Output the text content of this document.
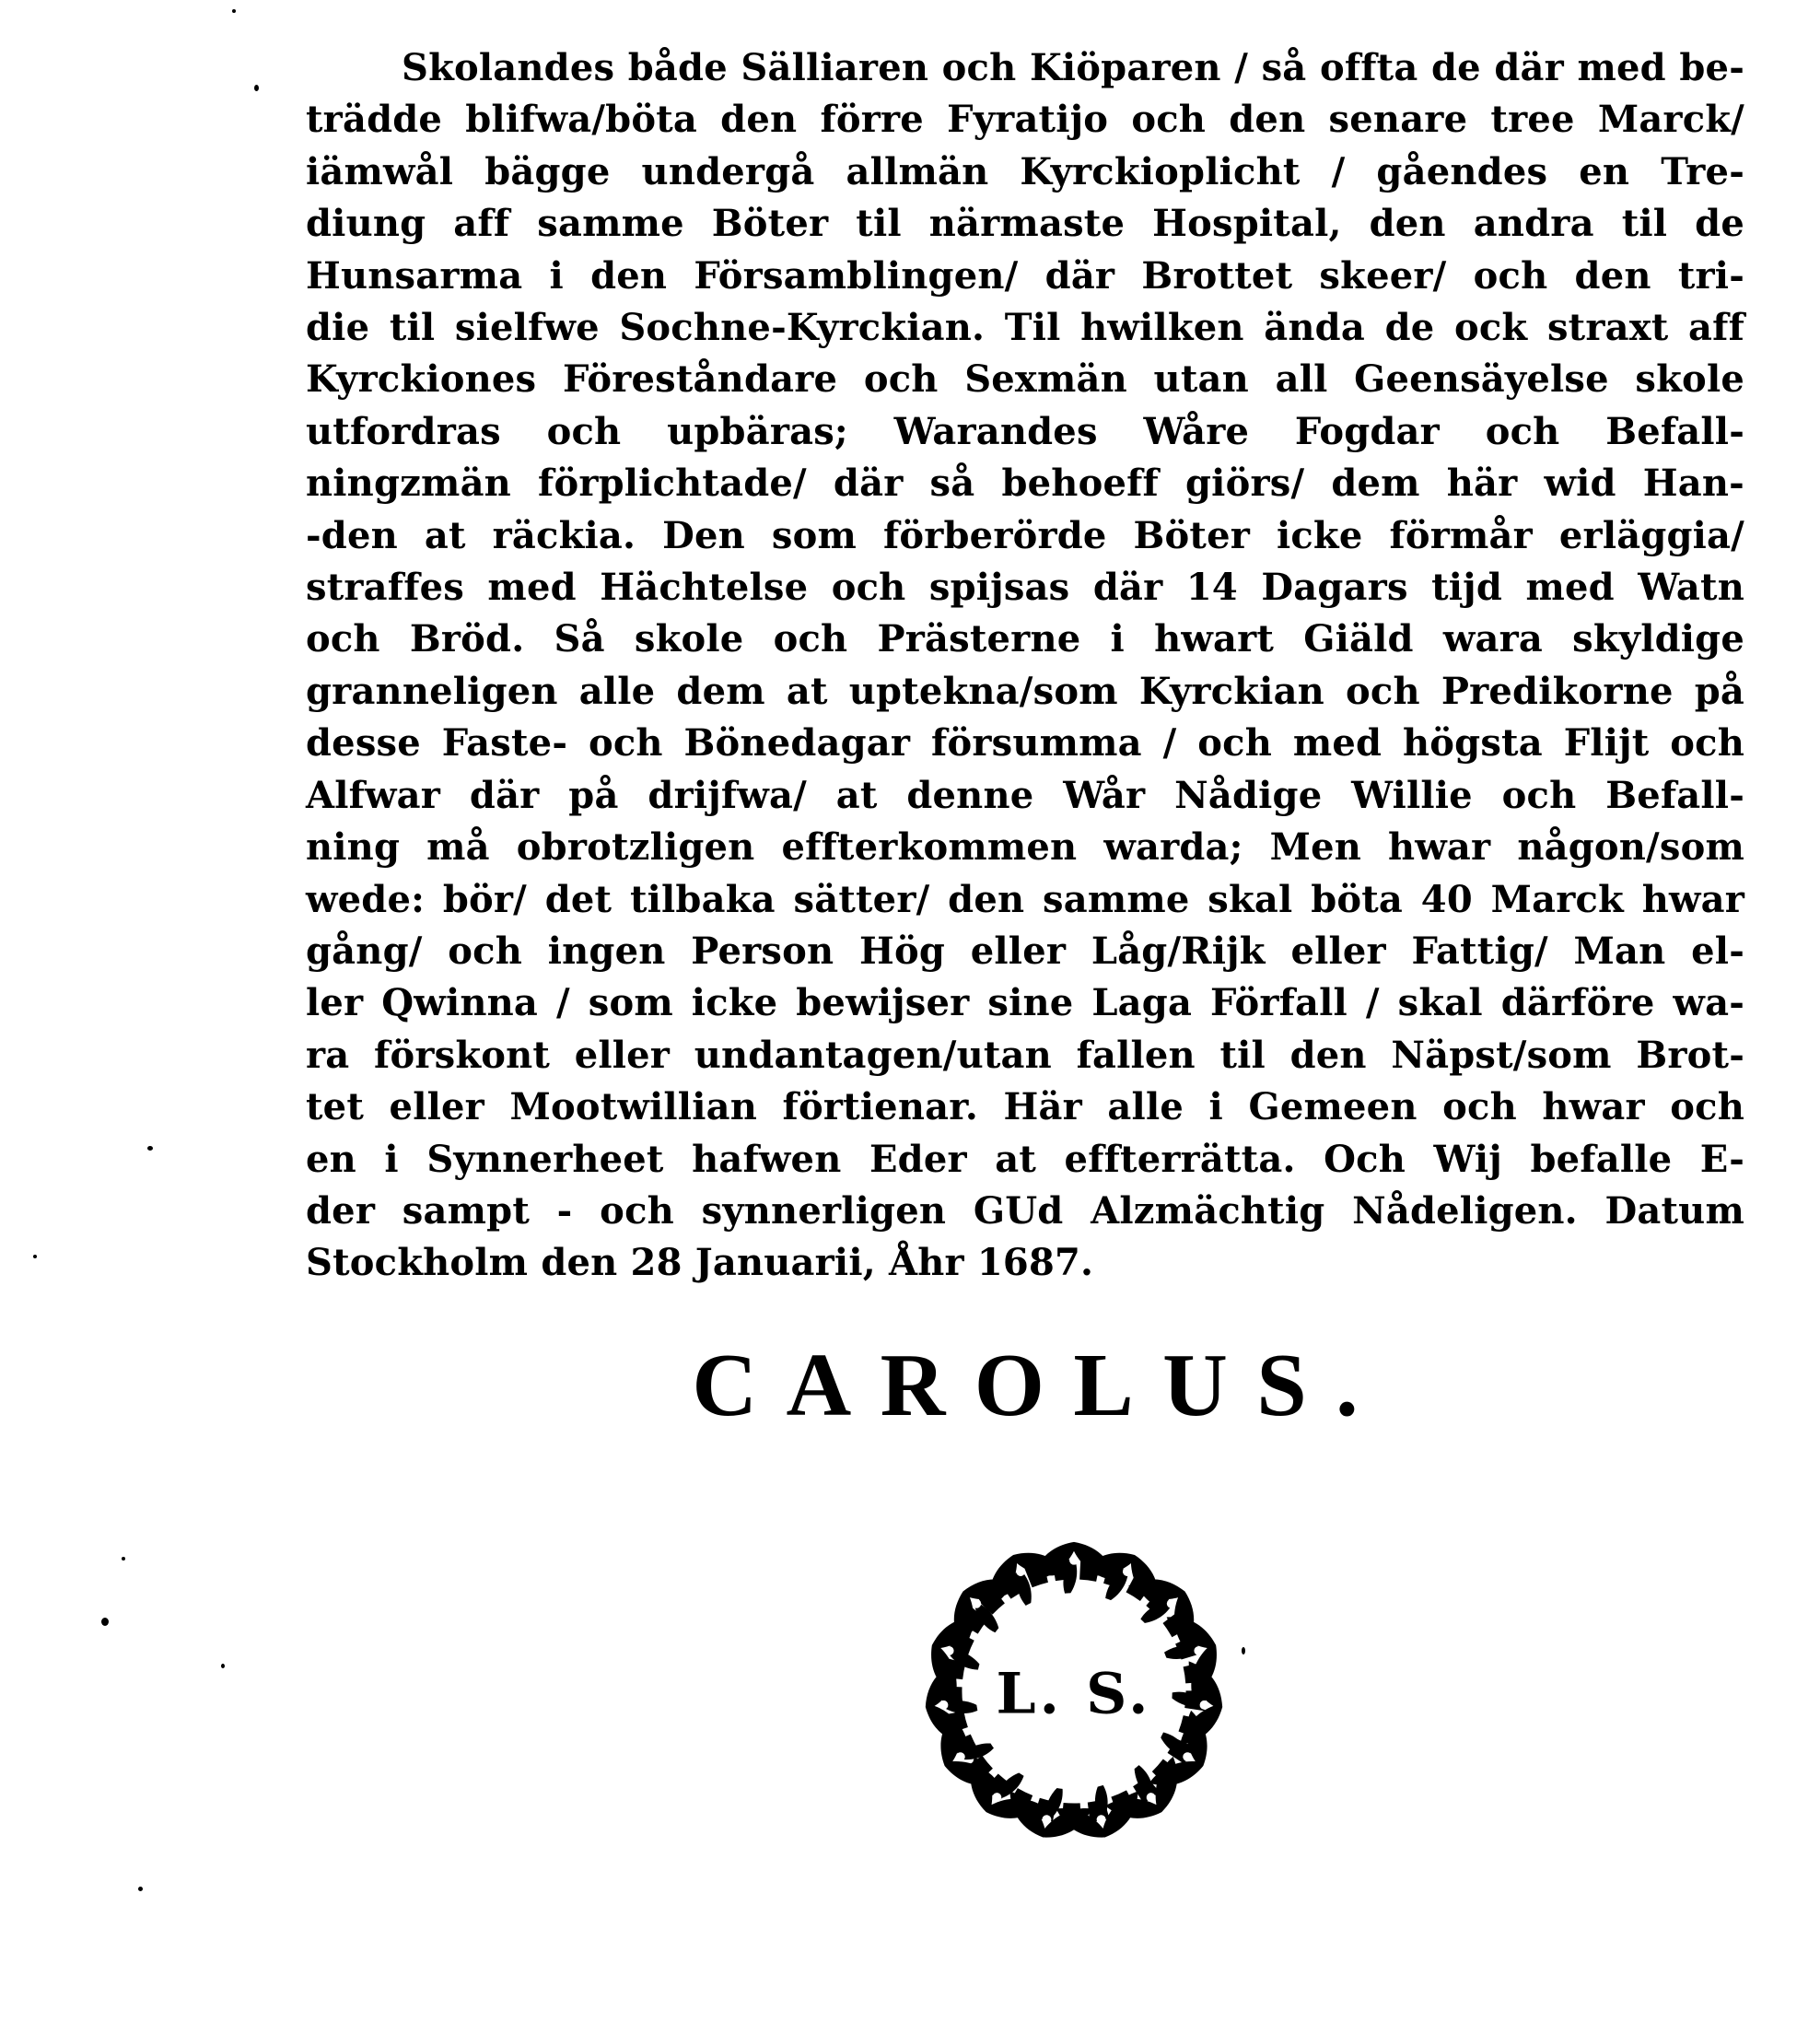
Skolandes både Sälliaren och Kiöparen / så offta de där med be-
trädde blifwa/böta den förre Fyratijo och den senare tree Marck/
iämwål bägge undergå allmän Kyrckioplicht / gåendes en Tre-
diung aff samme Böter til närmaste Hospital, den andra til de
Hunsarma i den Församblingen/ där Brottet skeer/ och den tri-
die til sielfwe Sochne-Kyrckian. Til hwilken ända de ock straxt aff
Kyrckiones Föreståndare och Sexmän utan all Geensäyelse skole
utfordras och upbäras; Warandes Wåre Fogdar och Befall-
ningzmän förplichtade/ där så behoeff giörs/ dem här wid Han-
-den at räckia. Den som förberörde Böter icke förmår erläggia/
straffes med Hächtelse och spijsas där 14 Dagars tijd med Watn
och Bröd. Så skole och Prästerne i hwart Giäld wara skyldige
granneligen alle dem at uptekna/som Kyrckian och Predikorne på
desse Faste- och Bönedagar försumma / och med högsta Flijt och
Alfwar där på drijfwa/ at denne Wår Nådige Willie och Befall-
ning må obrotzligen effterkommen warda; Men hwar någon/som
wede: bör/ det tilbaka sätter/ den samme skal böta 40 Marck hwar
gång/ och ingen Person Hög eller Låg/Rijk eller Fattig/ Man el-
ler Qwinna / som icke bewijser sine Laga Förfall / skal därföre wa-
ra förskont eller undantagen/utan fallen til den Näpst/som Brot-
tet eller Mootwillian förtienar. Här alle i Gemeen och hwar och
en i Synnerheet hafwen Eder at effterrätta. Och Wij befalle E-
der sampt - och synnerligen GUd Alzmächtig Nådeligen. Datum
Stockholm den 28 Januarii, Åhr 1687.
CAROLUS.
L. S.
